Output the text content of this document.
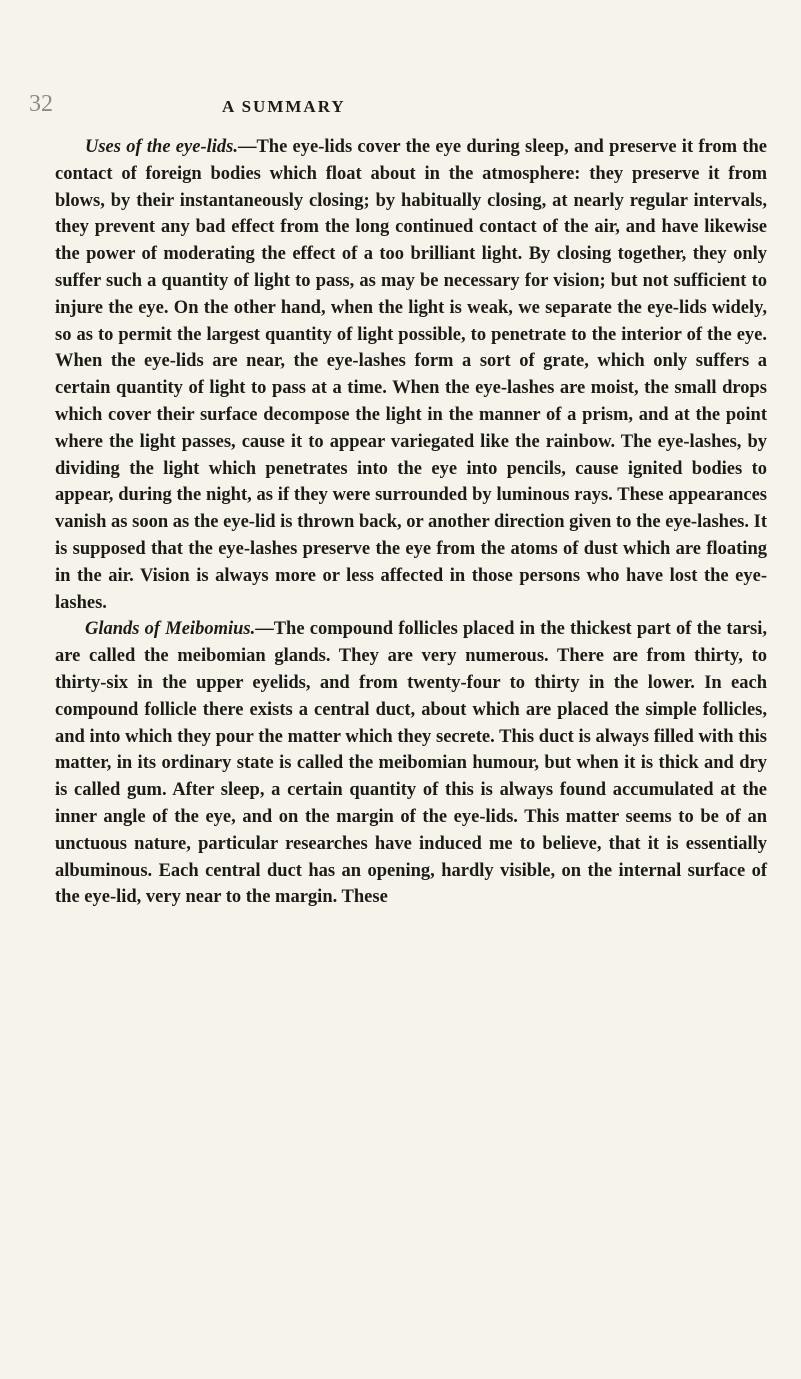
32	A SUMMARY

Uses of the eye-lids.—The eye-lids cover the eye during sleep, and preserve it from the contact of foreign bodies which float about in the atmosphere: they preserve it from blows, by their instantaneously closing; by habitually closing, at nearly regular intervals, they prevent any bad effect from the long continued contact of the air, and have likewise the power of moderating the effect of a too brilliant light. By closing together, they only suffer such a quantity of light to pass, as may be necessary for vision; but not sufficient to injure the eye. On the other hand, when the light is weak, we separate the eye-lids widely, so as to permit the largest quantity of light possible, to penetrate to the interior of the eye. When the eye-lids are near, the eye-lashes form a sort of grate, which only suffers a certain quantity of light to pass at a time. When the eye-lashes are moist, the small drops which cover their surface decompose the light in the manner of a prism, and at the point where the light passes, cause it to appear variegated like the rainbow. The eye-lashes, by dividing the light which penetrates into the eye into pencils, cause ignited bodies to appear, during the night, as if they were surrounded by luminous rays. These appearances vanish as soon as the eye-lid is thrown back, or another direction given to the eye-lashes. It is supposed that the eye-lashes preserve the eye from the atoms of dust which are floating in the air. Vision is always more or less affected in those persons who have lost the eye-lashes.

Glands of Meibomius.—The compound follicles placed in the thickest part of the tarsi, are called the meibomian glands. They are very numerous. There are from thirty, to thirty-six in the upper eyelids, and from twenty-four to thirty in the lower. In each compound follicle there exists a central duct, about which are placed the simple follicles, and into which they pour the matter which they secrete. This duct is always filled with this matter, in its ordinary state is called the meibomian humour, but when it is thick and dry is called gum. After sleep, a certain quantity of this is always found accumulated at the inner angle of the eye, and on the margin of the eye-lids. This matter seems to be of an unctuous nature, particular researches have induced me to believe, that it is essentially albuminous. Each central duct has an opening, hardly visible, on the internal surface of the eye-lid, very near to the margin. These
